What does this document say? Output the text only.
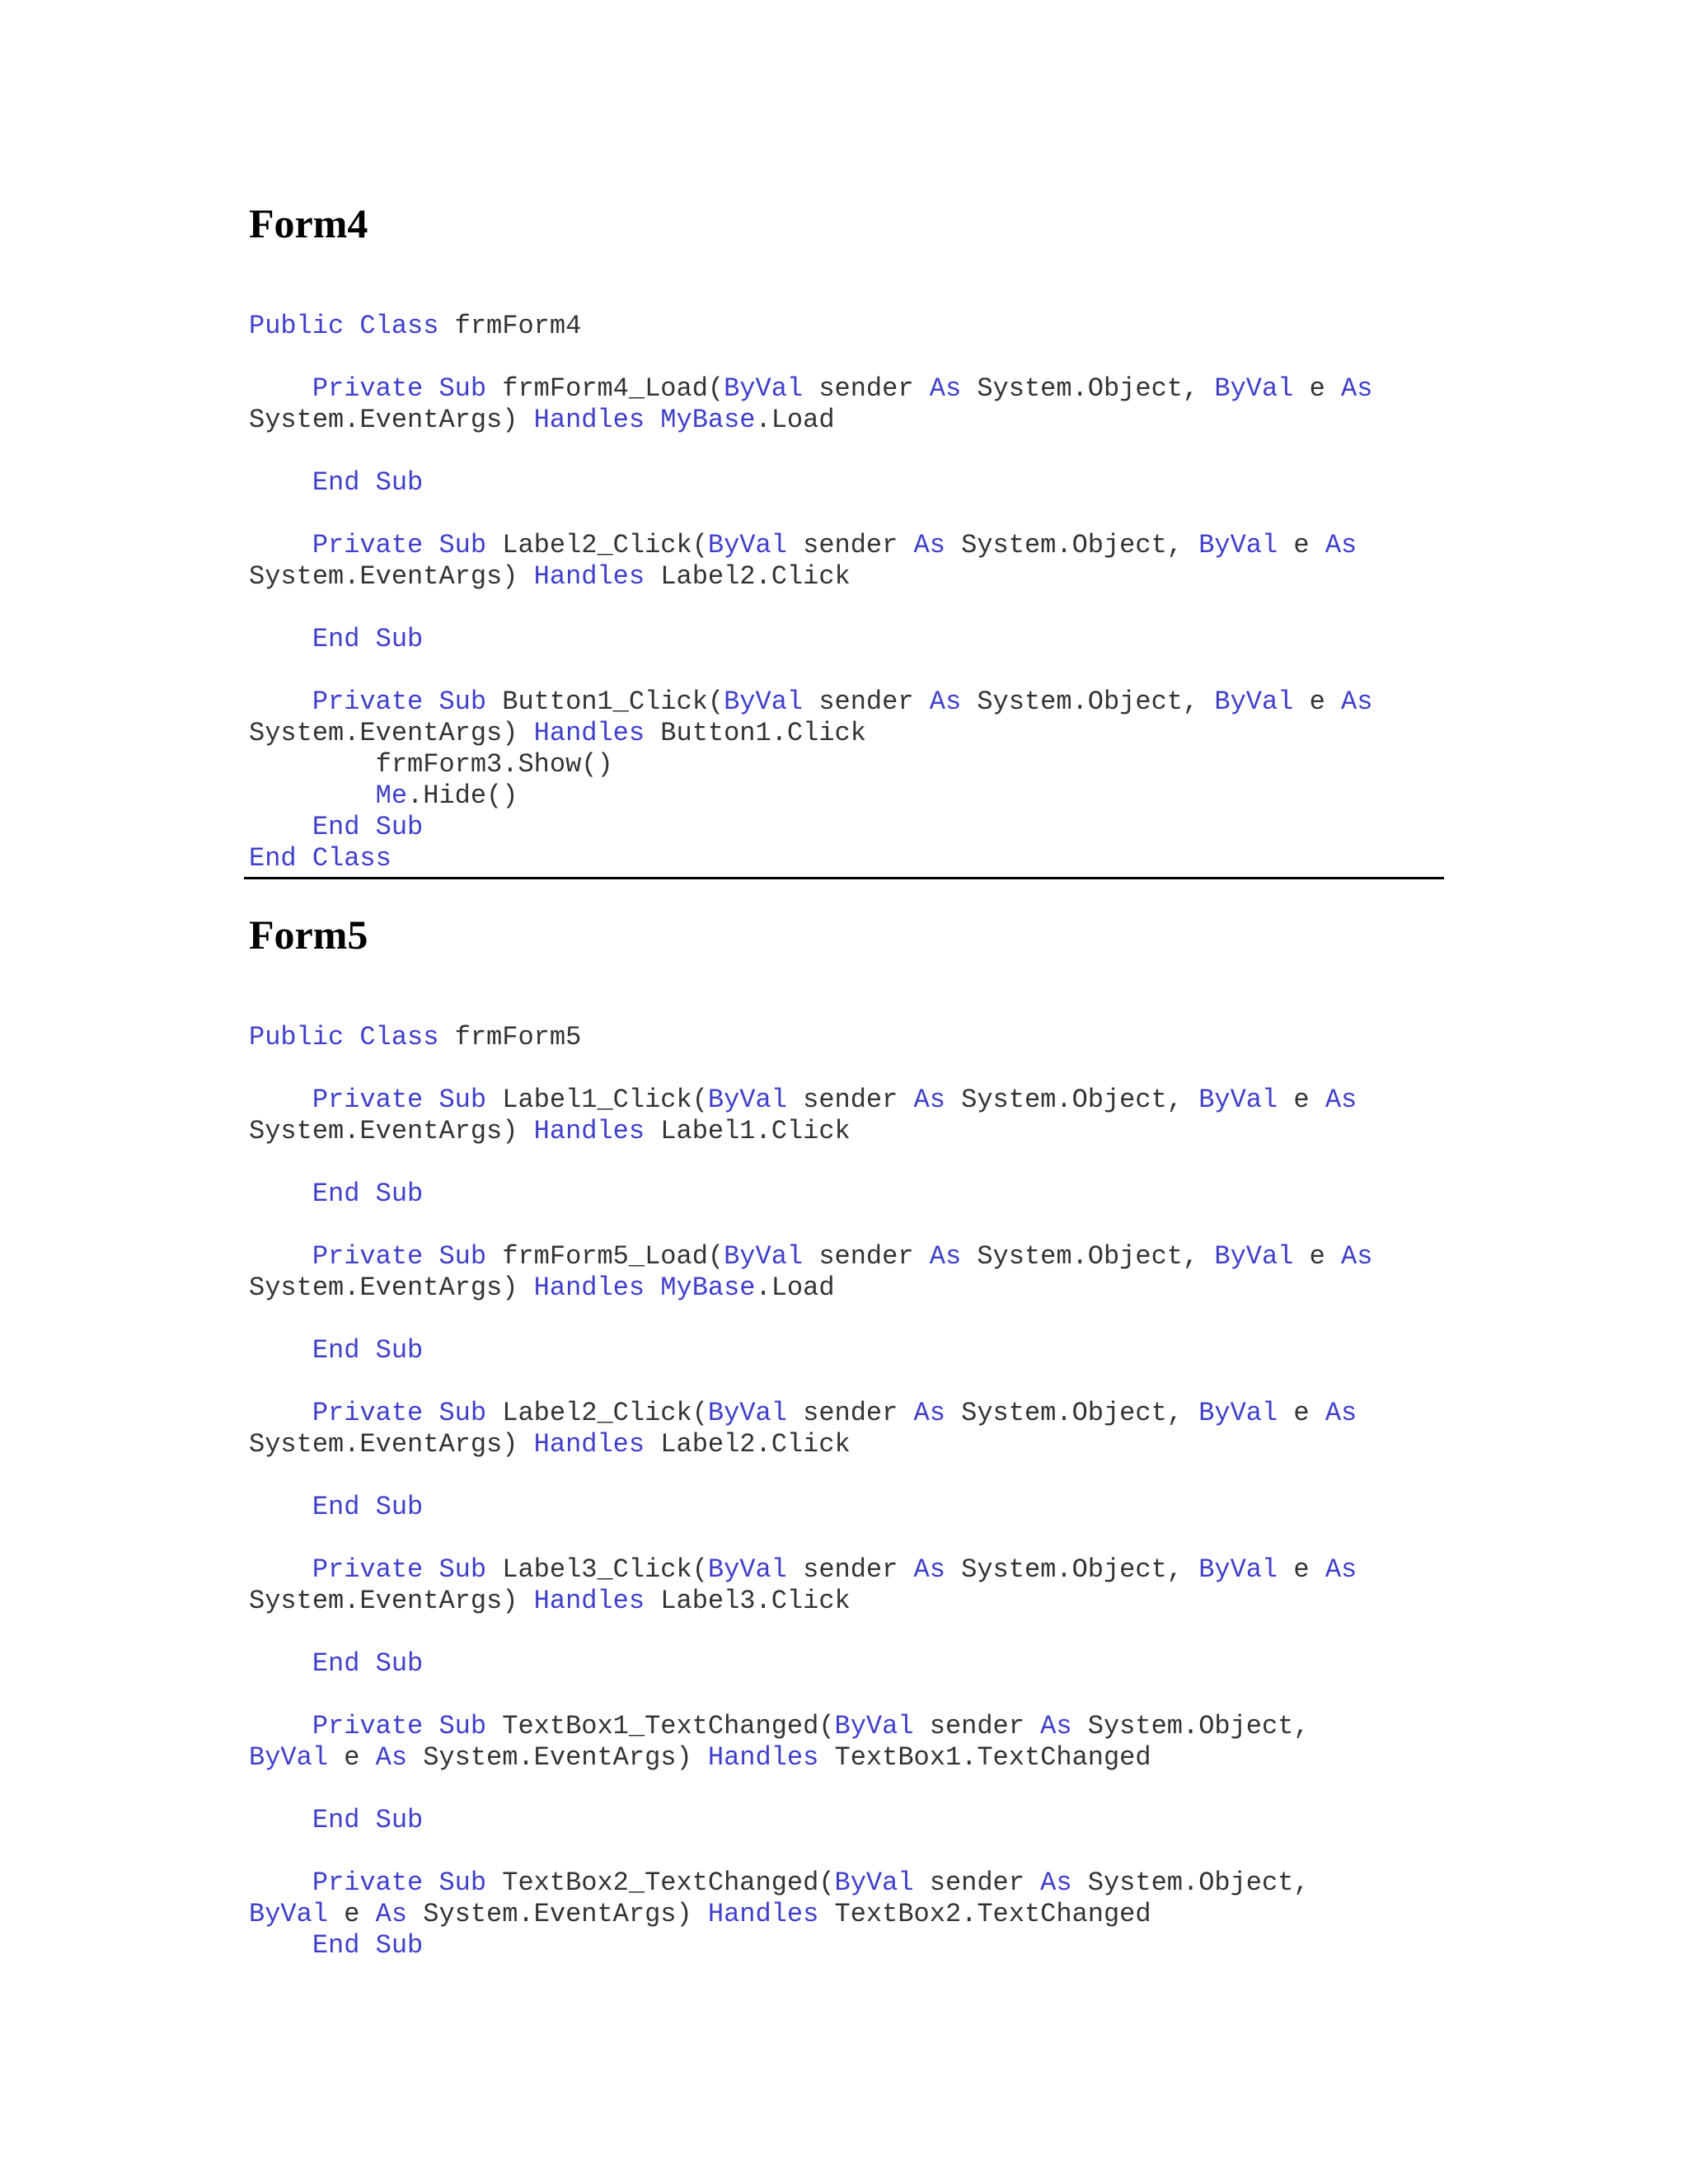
Form4
Public Class frmForm4
Private Sub frmForm4_Load(ByVal sender As System.Object, ByVal e As
System.EventArgs) Handles MyBase.Load
End Sub
Private Sub Label2_Click(ByVal sender As System.Object, ByVal e As
System.EventArgs) Handles Label2.Click
End Sub
Private Sub Button1_Click(ByVal sender As System.Object, ByVal e As
System.EventArgs) Handles Button1.Click
frmForm3.Show()
Me.Hide()
End Sub
End Class
Form5
Public Class frmForm5
Private Sub Label1_Click(ByVal sender As System.Object, ByVal e As
System.EventArgs) Handles Label1.Click
End Sub
Private Sub frmForm5_Load(ByVal sender As System.Object, ByVal e As
System.EventArgs) Handles MyBase.Load
End Sub
Private Sub Label2_Click(ByVal sender As System.Object, ByVal e As
System.EventArgs) Handles Label2.Click
End Sub
Private Sub Label3_Click(ByVal sender As System.Object, ByVal e As
System.EventArgs) Handles Label3.Click
End Sub
Private Sub TextBox1_TextChanged(ByVal sender As System.Object,
ByVal e As System.EventArgs) Handles TextBox1.TextChanged
End Sub
Private Sub TextBox2_TextChanged(ByVal sender As System.Object,
ByVal e As System.EventArgs) Handles TextBox2.TextChanged
End Sub
